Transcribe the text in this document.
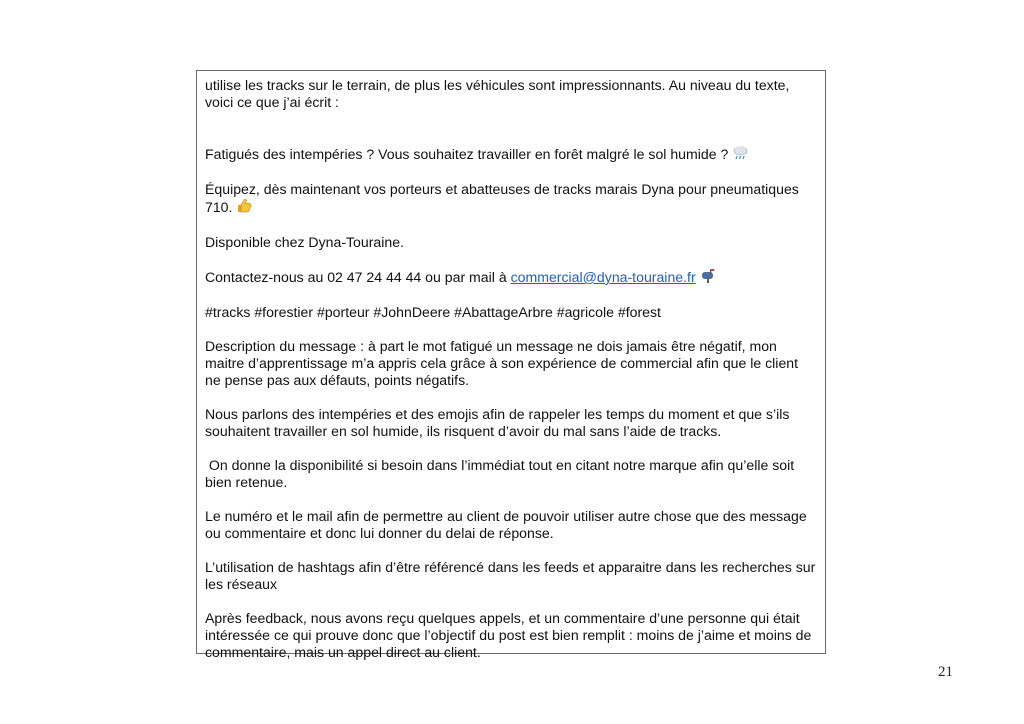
utilise les tracks sur le terrain, de plus les véhicules sont impressionnants. Au niveau du texte, voici ce que j’ai écrit :

Fatigués des intempéries ? Vous souhaitez travailler en forêt malgré le sol humide ?

Équipez, dès maintenant vos porteurs et abatteuses de tracks marais Dyna pour pneumatiques 710.

Disponible chez Dyna-Touraine.

Contactez-nous au 02 47 24 44 44 ou par mail à commercial@dyna-touraine.fr

#tracks #forestier #porteur #JohnDeere #AbattageArbre #agricole #forest

Description du message : à part le mot fatigué un message ne dois jamais être négatif, mon maitre d’apprentissage m’a appris cela grâce à son expérience de commercial afin que le client ne pense pas aux défauts, points négatifs.

Nous parlons des intempéries et des emojis afin de rappeler les temps du moment et que s’ils souhaitent travailler en sol humide, ils risquent d’avoir du mal sans l’aide de tracks.

On donne la disponibilité si besoin dans l’immédiat tout en citant notre marque afin qu’elle soit bien retenue.

Le numéro et le mail afin de permettre au client de pouvoir utiliser autre chose que des message ou commentaire et donc lui donner du delai de réponse.

L’utilisation de hashtags afin d’être référencé dans les feeds et apparaitre dans les recherches sur les réseaux

Après feedback, nous avons reçu quelques appels, et un commentaire d’une personne qui était intéressée ce qui prouve donc que l’objectif du post est bien remplit : moins de j’aime et moins de commentaire, mais un appel direct au client.

21
